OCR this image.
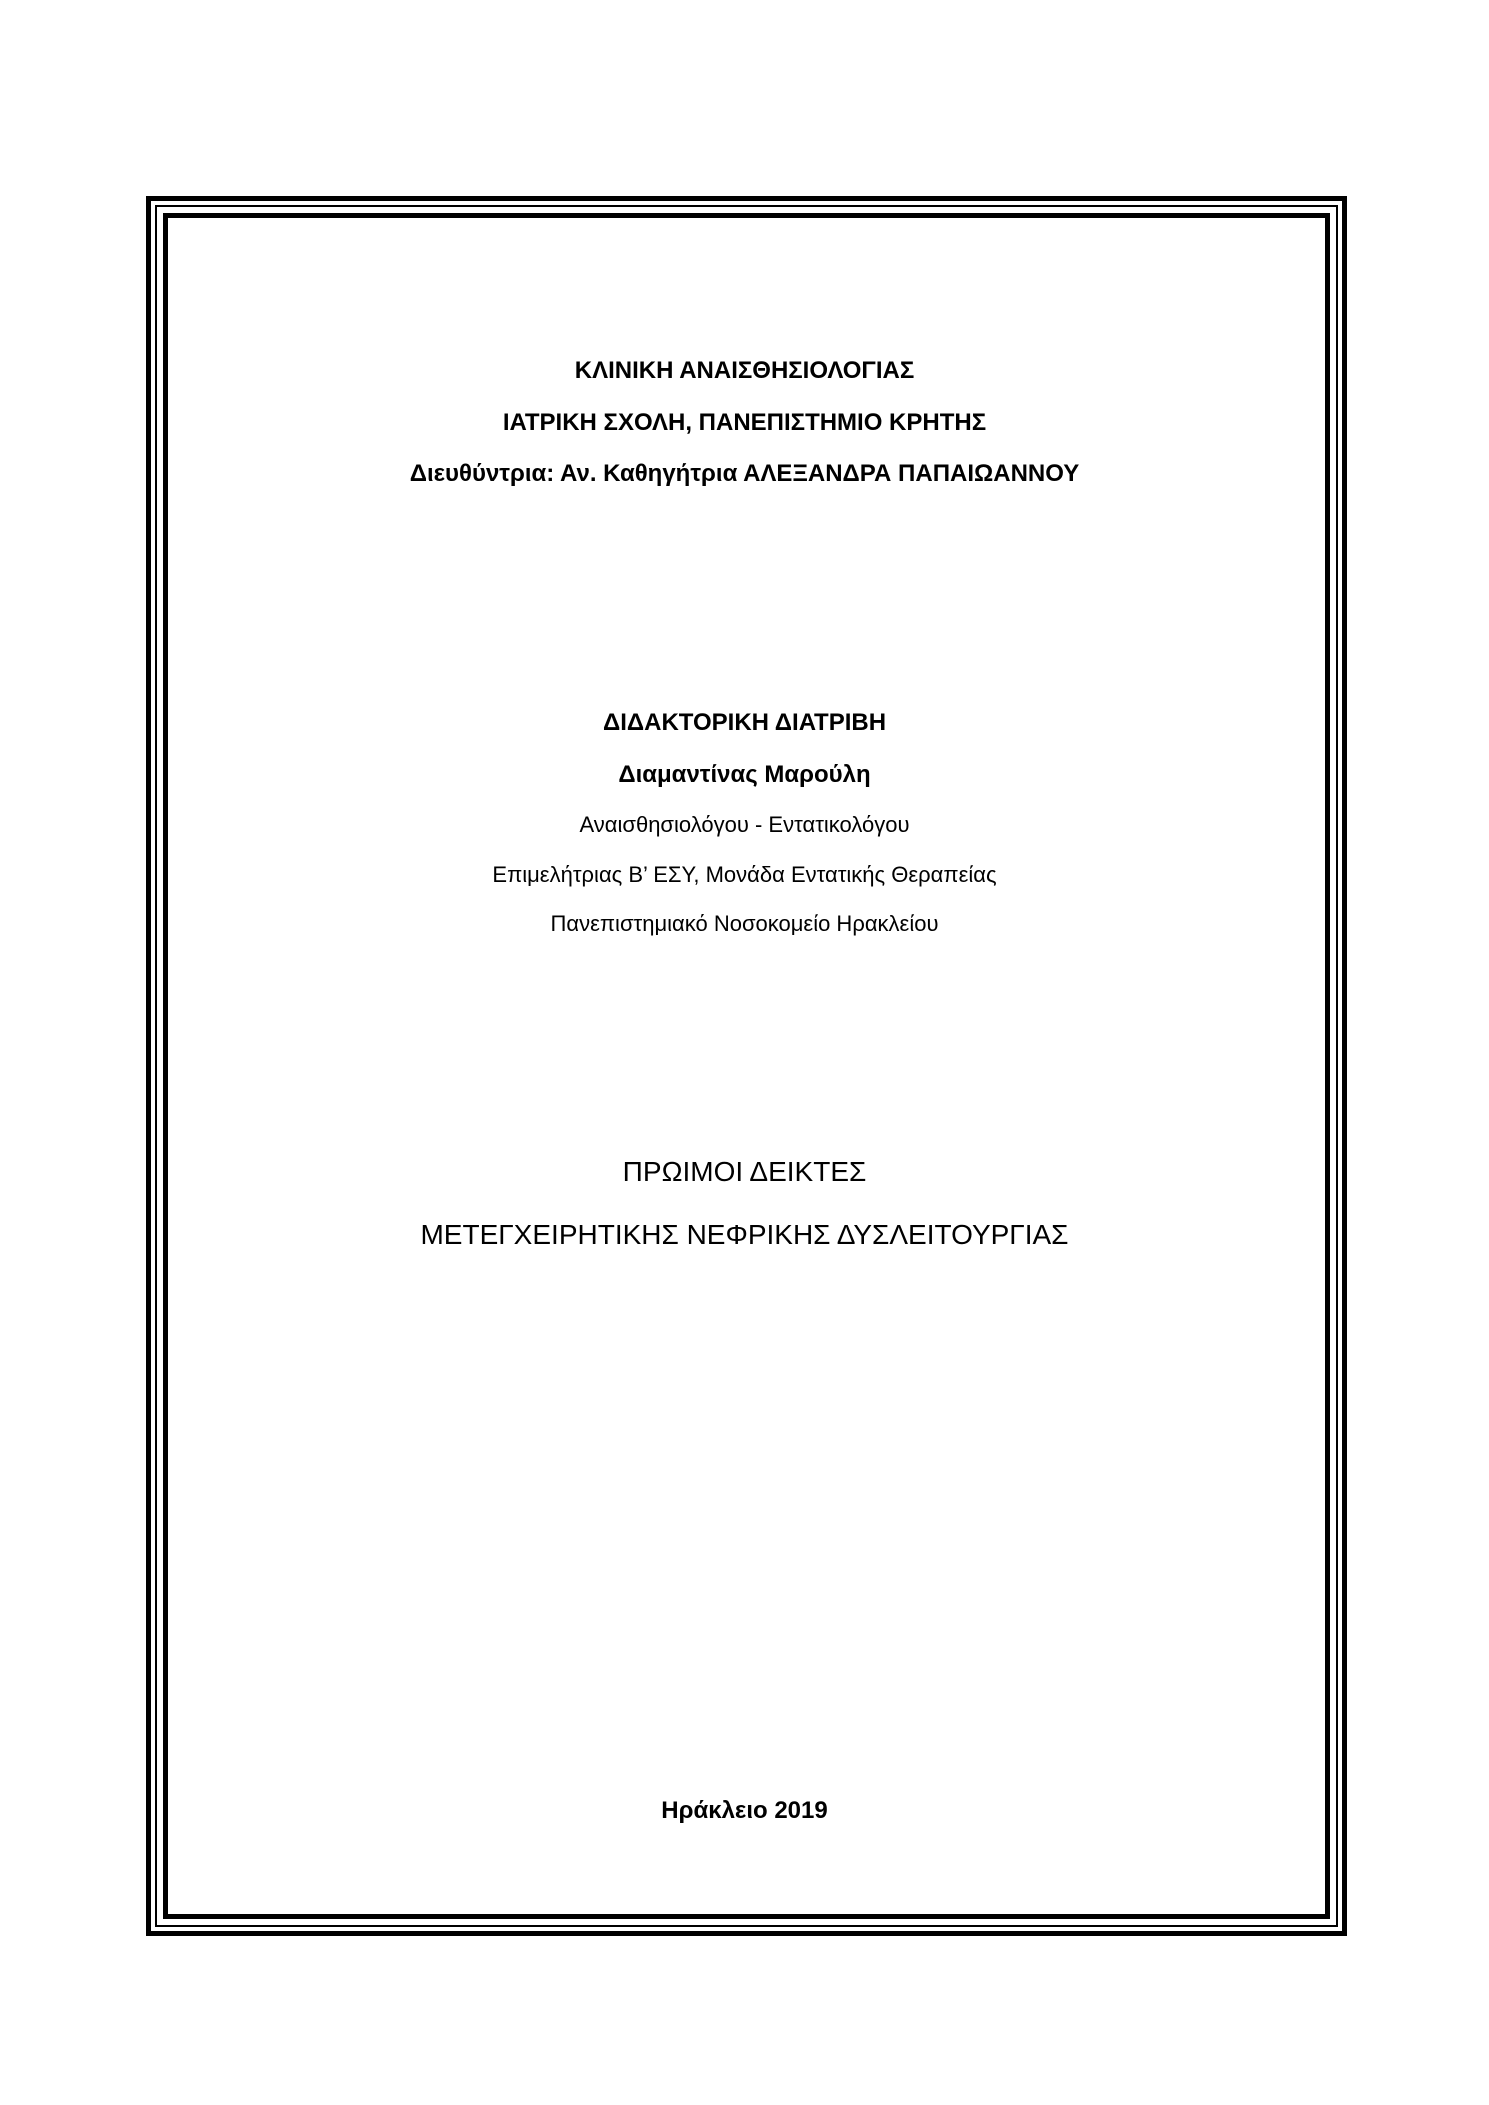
ΚΛΙΝΙΚΗ ΑΝΑΙΣΘΗΣΙΟΛΟΓΙΑΣ
ΙΑΤΡΙΚΗ ΣΧΟΛΗ, ΠΑΝΕΠΙΣΤΗΜΙΟ ΚΡΗΤΗΣ
Διευθύντρια: Αν. Καθηγήτρια ΑΛΕΞΑΝΔΡΑ ΠΑΠΑΙΩΑΝΝΟΥ
ΔΙΔΑΚΤΟΡΙΚΗ ΔΙΑΤΡΙΒΗ
Διαμαντίνας Μαρούλη
Αναισθησιολόγου - Εντατικολόγου
Επιμελήτριας Β’ ΕΣΥ, Μονάδα Εντατικής Θεραπείας
Πανεπιστημιακό Νοσοκομείο Ηρακλείου
ΠΡΩΙΜΟΙ ΔΕΙΚΤΕΣ
ΜΕΤΕΓΧΕΙΡΗΤΙΚΗΣ ΝΕΦΡΙΚΗΣ ΔΥΣΛΕΙΤΟΥΡΓΙΑΣ
Ηράκλειο 2019
